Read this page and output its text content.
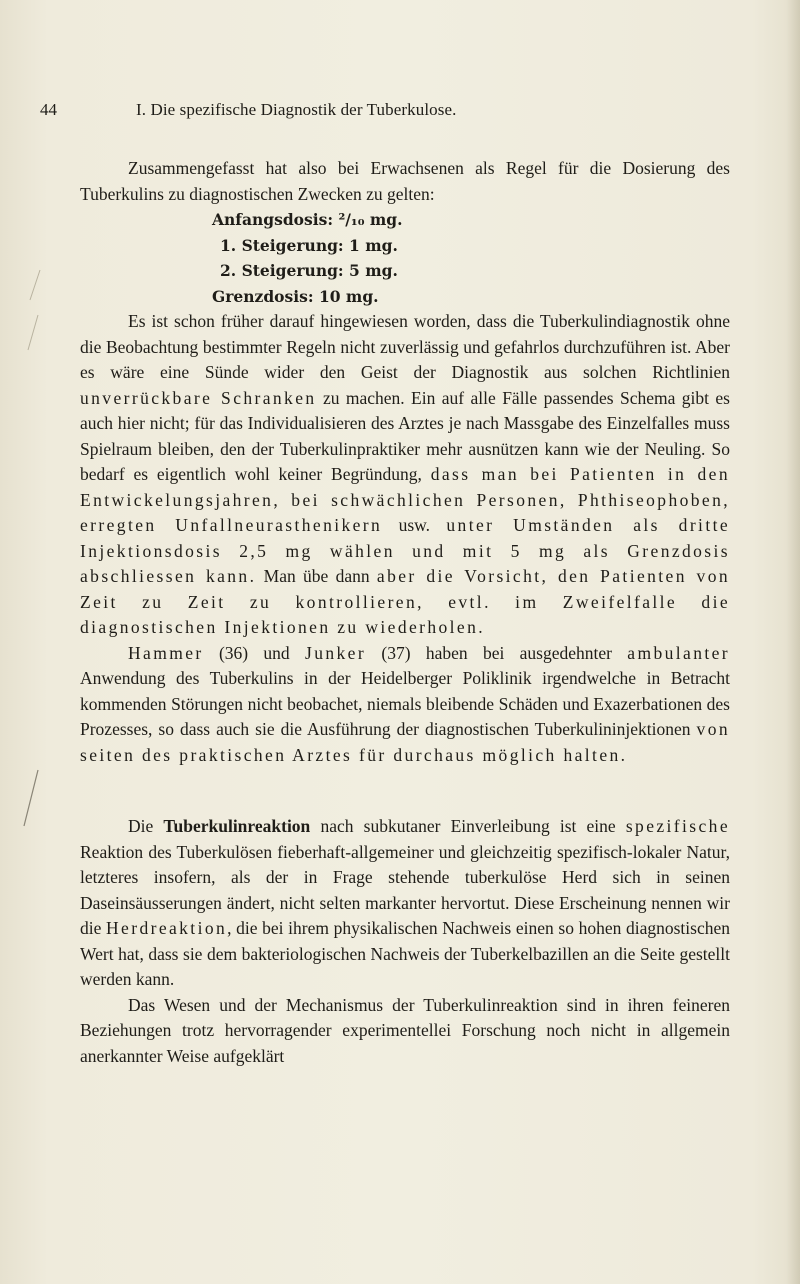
44	I. Die spezifische Diagnostik der Tuberkulose.

Zusammengefasst hat also bei Erwachsenen als Regel für die Dosierung des Tuberkulins zu diagnostischen Zwecken zu gelten:

Anfangsdosis: ²/₁₀ mg.
1. Steigerung: 1 mg.
2. Steigerung: 5 mg.
Grenzdosis: 10 mg.

Es ist schon früher darauf hingewiesen worden, dass die Tuberkulindiagnostik ohne die Beobachtung bestimmter Regeln nicht zuverlässig und gefahrlos durchzuführen ist. Aber es wäre eine Sünde wider den Geist der Diagnostik aus solchen Richtlinien unverrückbare Schranken zu machen. Ein auf alle Fälle passendes Schema gibt es auch hier nicht; für das Individualisieren des Arztes je nach Massgabe des Einzelfalles muss Spielraum bleiben, den der Tuberkulinpraktiker mehr ausnützen kann wie der Neuling. So bedarf es eigentlich wohl keiner Begründung, dass man bei Patienten in den Entwickelungsjahren, bei schwächlichen Personen, Phthiseophoben, erregten Unfallneurasthenikern usw. unter Umständen als dritte Injektionsdosis 2,5 mg wählen und mit 5 mg als Grenzdosis abschliessen kann. Man übe dann aber die Vorsicht, den Patienten von Zeit zu Zeit zu kontrollieren, evtl. im Zweifelfalle die diagnostischen Injektionen zu wiederholen.

Hammer (36) und Junker (37) haben bei ausgedehnter ambulanter Anwendung des Tuberkulins in der Heidelberger Poliklinik irgendwelche in Betracht kommenden Störungen nicht beobachet, niemals bleibende Schäden und Exazerbationen des Prozesses, so dass auch sie die Ausführung der diagnostischen Tuberkulininjektionen von seiten des praktischen Arztes für durchaus möglich halten.

Die Tuberkulinreaktion nach subkutaner Einverleibung ist eine spezifische Reaktion des Tuberkulösen fieberhaft-allgemeiner und gleichzeitig spezifisch-lokaler Natur, letzteres insofern, als der in Frage stehende tuberkulöse Herd sich in seinen Daseinsäusserungen ändert, nicht selten markanter hervortut. Diese Erscheinung nennen wir die Herdreaktion, die bei ihrem physikalischen Nachweis einen so hohen diagnostischen Wert hat, dass sie dem bakteriologischen Nachweis der Tuberkelbazillen an die Seite gestellt werden kann.

Das Wesen und der Mechanismus der Tuberkulinreaktion sind in ihren feineren Beziehungen trotz hervorragender experimentellei Forschung noch nicht in allgemein anerkannter Weise aufgeklärt
